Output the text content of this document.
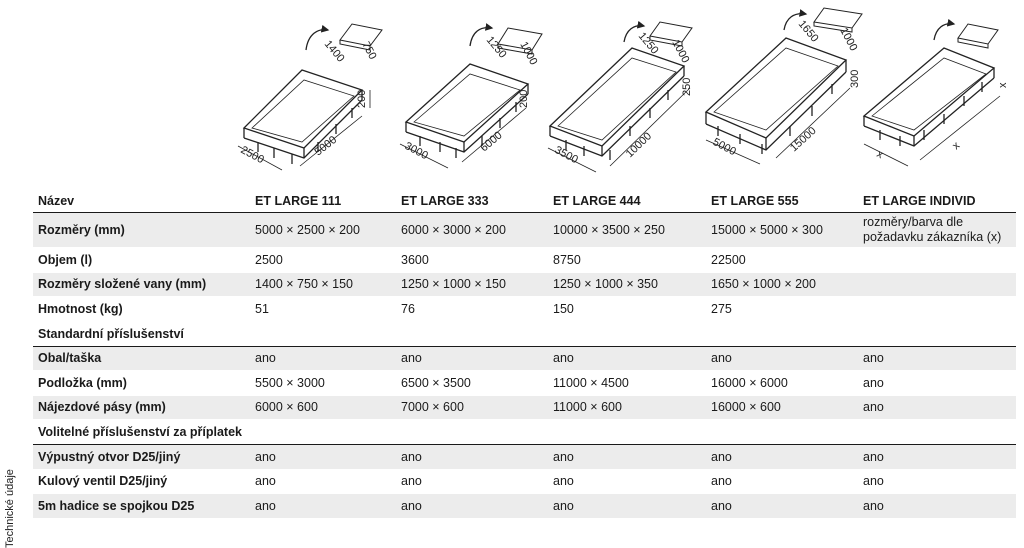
2500	5000
200
1400 750
3000	6000
200
1250 1000
3500	10000
250
1250 1000
5000	15000
300
1650 1000
x
x
x
Technické údaje
Název	ET LARGE 111	ET LARGE 333	ET LARGE 444	ET LARGE 555	ET LARGE INDIVID
Rozměry (mm)	5000 × 2500 × 200	6000 × 3000 × 200	10000 × 3500 × 250	15000 × 5000 × 300	rozměry/barva dle požadavku zákazníka (x)
Objem (l)	2500	3600	8750	22500	
Rozměry složené vany (mm)	1400 × 750 × 150	1250 × 1000 × 150	1250 × 1000 × 350	1650 × 1000 × 200	
Hmotnost (kg)	51	76	150	275	
Standardní příslušenství					
Obal/taška	ano	ano	ano	ano	ano
Podložka (mm)	5500 × 3000	6500 × 3500	11000 × 4500	16000 × 6000	ano
Nájezdové pásy (mm)	6000 × 600	7000 × 600	11000 × 600	16000 × 600	ano
Volitelné příslušenství za příplatek					
Výpustný otvor D25/jiný	ano	ano	ano	ano	ano
Kulový ventil D25/jiný	ano	ano	ano	ano	ano
5m hadice se spojkou D25	ano	ano	ano	ano	ano
